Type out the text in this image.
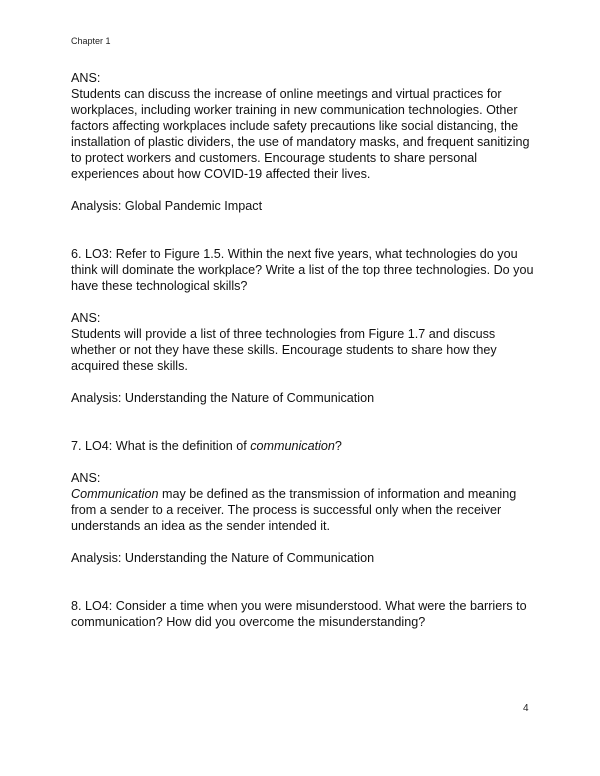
Chapter 1

ANS:

Students can discuss the increase of online meetings and virtual practices for workplaces, including worker training in new communication technologies. Other factors affecting workplaces include safety precautions like social distancing, the installation of plastic dividers, the use of mandatory masks, and frequent sanitizing to protect workers and customers. Encourage students to share personal experiences about how COVID-19 affected their lives.

Analysis: Global Pandemic Impact

6. LO3: Refer to Figure 1.5. Within the next five years, what technologies do you think will dominate the workplace? Write a list of the top three technologies. Do you have these technological skills?

ANS:

Students will provide a list of three technologies from Figure 1.7 and discuss whether or not they have these skills. Encourage students to share how they acquired these skills.

Analysis: Understanding the Nature of Communication

7. LO4: What is the definition of communication?

ANS:

Communication may be defined as the transmission of information and meaning from a sender to a receiver. The process is successful only when the receiver understands an idea as the sender intended it.

Analysis: Understanding the Nature of Communication

8. LO4: Consider a time when you were misunderstood. What were the barriers to communication? How did you overcome the misunderstanding?

4
